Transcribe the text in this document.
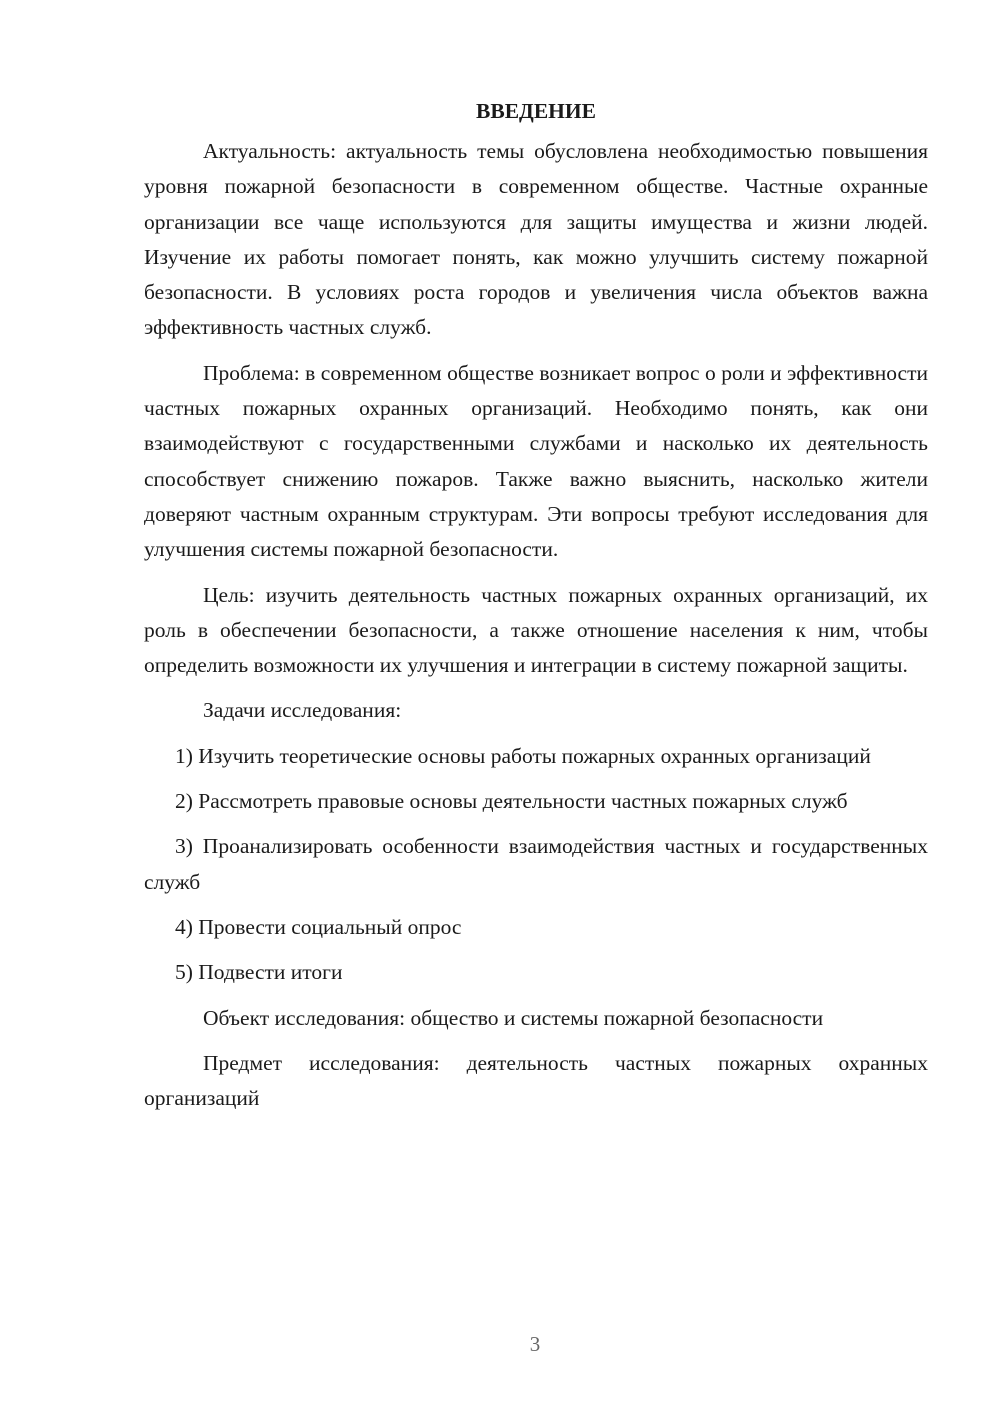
ВВЕДЕНИЕ

Актуальность: актуальность темы обусловлена необходимостью повышения уровня пожарной безопасности в современном обществе. Частные охранные организации все чаще используются для защиты имущества и жизни людей. Изучение их работы помогает понять, как можно улучшить систему пожарной безопасности. В условиях роста городов и увеличения числа объектов важна эффективность частных служб.

Проблема: в современном обществе возникает вопрос о роли и эффективности частных пожарных охранных организаций. Необходимо понять, как они взаимодействуют с государственными службами и насколько их деятельность способствует снижению пожаров. Также важно выяснить, насколько жители доверяют частным охранным структурам. Эти вопросы требуют исследования для улучшения системы пожарной безопасности.

Цель: изучить деятельность частных пожарных охранных организаций, их роль в обеспечении безопасности, а также отношение населения к ним, чтобы определить возможности их улучшения и интеграции в систему пожарной защиты.

Задачи исследования:

1) Изучить теоретические основы работы пожарных охранных организаций

2) Рассмотреть правовые основы деятельности частных пожарных служб

3) Проанализировать особенности взаимодействия частных и государственных служб

4) Провести социальный опрос

5) Подвести итоги

Объект исследования: общество и системы пожарной безопасности

Предмет исследования: деятельность частных пожарных охранных организаций

3
